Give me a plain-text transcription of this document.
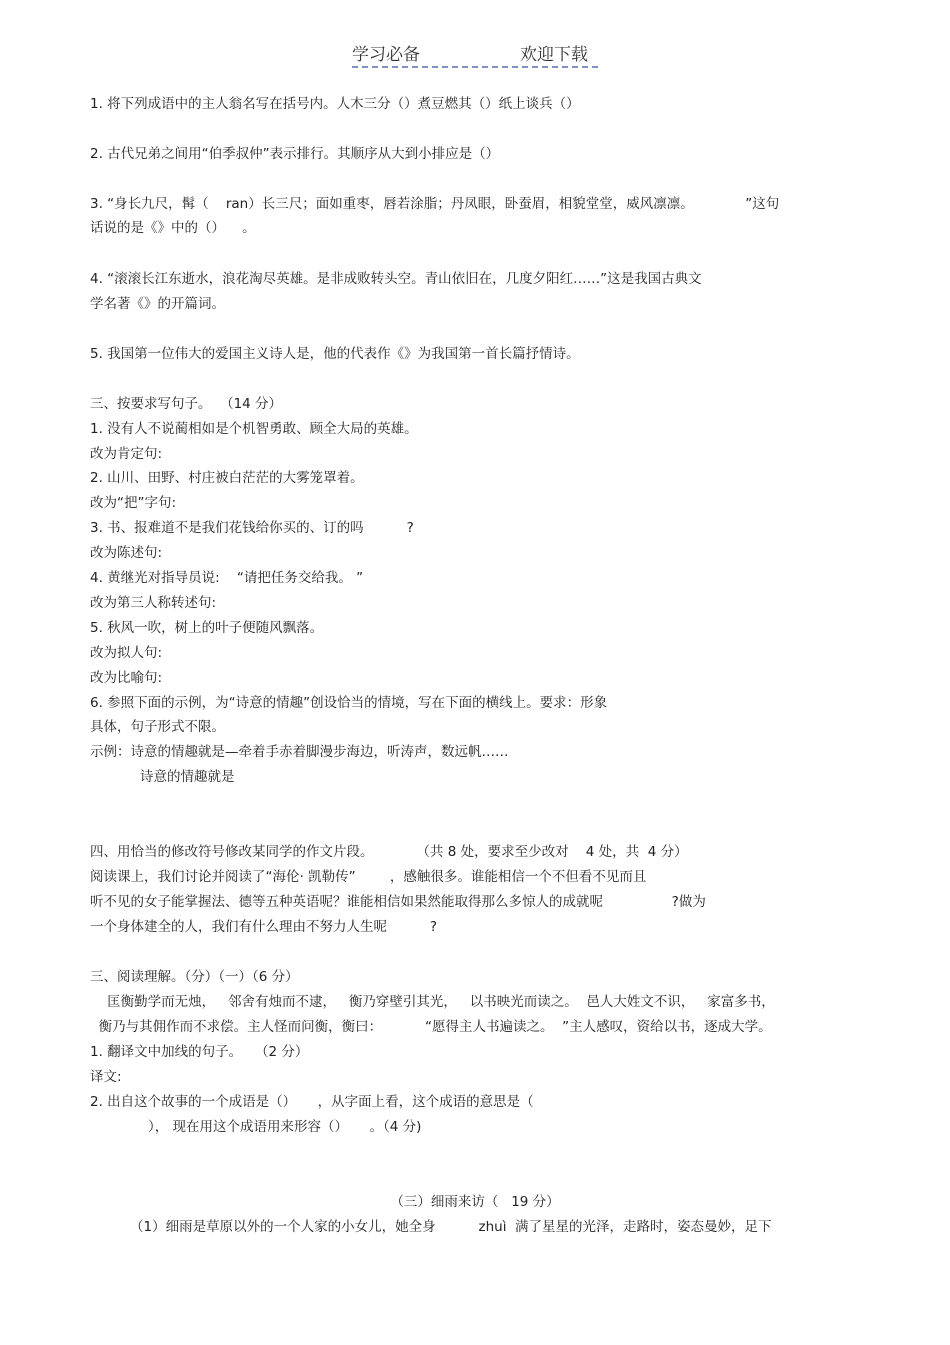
学习必备	欢迎下载
1. 将下列成语中的主人翁名写在括号内。人木三分（）煮豆燃其（）纸上谈兵（）
2. 古代兄弟之间用“伯季叔仲”表示排行。其顺序从大到小排应是（）
3. “身长九尺，髯（    ran）长三尺；面如重枣，唇若涂脂；丹凤眼，卧蚕眉，相貌堂堂，威风凛凛。            ”这句
话说的是《》中的（）    。
4. “滚滚长江东逝水，浪花淘尽英雄。是非成败转头空。青山依旧在，几度夕阳红……”这是我国古典文
学名著《》的开篇词。
5. 我国第一位伟大的爱国主义诗人是，他的代表作《》为我国第一首长篇抒情诗。
三、按要求写句子。  （14 分）
1. 没有人不说蔺相如是个机智勇敢、顾全大局的英雄。
改为肯定句:
2. 山川、田野、村庄被白茫茫的大雾笼罩着。
改为“把”字句:
3. 书、报难道不是我们花钱给你买的、订的吗          ?
改为陈述句:
4. 黄继光对指导员说:    “请把任务交给我。 ”
改为第三人称转述句:
5. 秋风一吹，树上的叶子便随风飘落。
改为拟人句:
改为比喻句:
6. 参照下面的示例，为“诗意的情趣”创设恰当的情境，写在下面的横线上。要求：形象
具体，句子形式不限。
示例：诗意的情趣就是—牵着手赤着脚漫步海边，听涛声，数远帆……
诗意的情趣就是
四、用恰当的修改符号修改某同学的作文片段。          （共 8 处，要求至少改对    4 处，共  4 分）
阅读课上，我们讨论并阅读了“海伦· 凯勒传”        ，感触很多。谁能相信一个不但看不见而且
听不见的女子能掌握法、德等五种英语呢？谁能相信如果然能取得那么多惊人的成就呢                ?做为
一个身体建全的人，我们有什么理由不努力人生呢          ?
三、阅读理解。（分）（一）（6 分）
匡衡勤学而无烛，   邻舍有烛而不逮，   衡乃穿壁引其光，   以书映光而读之。  邑人大姓文不识，   家富多书，
衡乃与其佣作而不求偿。主人怪而问衡，衡曰：          “愿得主人书遍读之。  ”主人感叹，资给以书，逐成大学。
1. 翻译文中加线的句子。   （2 分）
译文:
2. 出自这个故事的一个成语是（）     ，从字面上看，这个成语的意思是（
）， 现在用这个成语用来形容（）     。（4 分)
（三）细雨来访（   19 分）
（1）细雨是草原以外的一个人家的小女儿，她全身          zhuì  满了星星的光泽，走路时，姿态曼妙，足下
